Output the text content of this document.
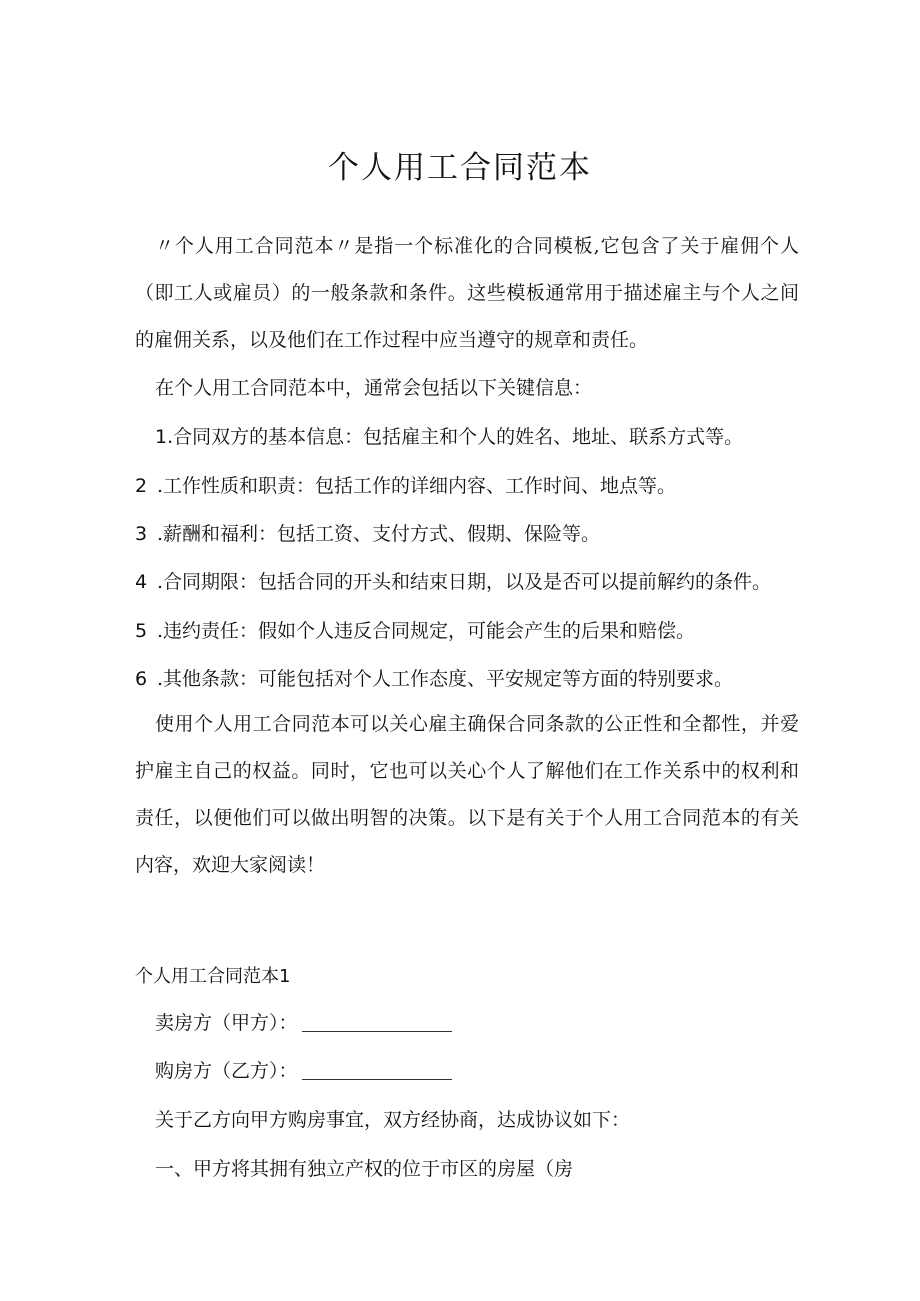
个人用工合同范本

〃个人用工合同范本〃是指一个标准化的合同模板,它包含了关于雇佣个人（即工人或雇员）的一般条款和条件。这些模板通常用于描述雇主与个人之间的雇佣关系，以及他们在工作过程中应当遵守的规章和责任。

在个人用工合同范本中，通常会包括以下关键信息：
1.合同双方的基本信息：包括雇主和个人的姓名、地址、联系方式等。
2 .工作性质和职责：包括工作的详细内容、工作时间、地点等。
3 .薪酬和福利：包括工资、支付方式、假期、保险等。
4 .合同期限：包括合同的开头和结束日期，以及是否可以提前解约的条件。
5 .违约责任：假如个人违反合同规定，可能会产生的后果和赔偿。
6 .其他条款：可能包括对个人工作态度、平安规定等方面的特别要求。

使用个人用工合同范本可以关心雇主确保合同条款的公正性和全都性，并爱护雇主自己的权益。同时，它也可以关心个人了解他们在工作关系中的权利和责任，以便他们可以做出明智的决策。以下是有关于个人用工合同范本的有关内容，欢迎大家阅读！

个人用工合同范本1
卖房方（甲方）：
购房方（乙方）：
关于乙方向甲方购房事宜，双方经协商，达成协议如下：
一、甲方将其拥有独立产权的位于市区的房屋（房
